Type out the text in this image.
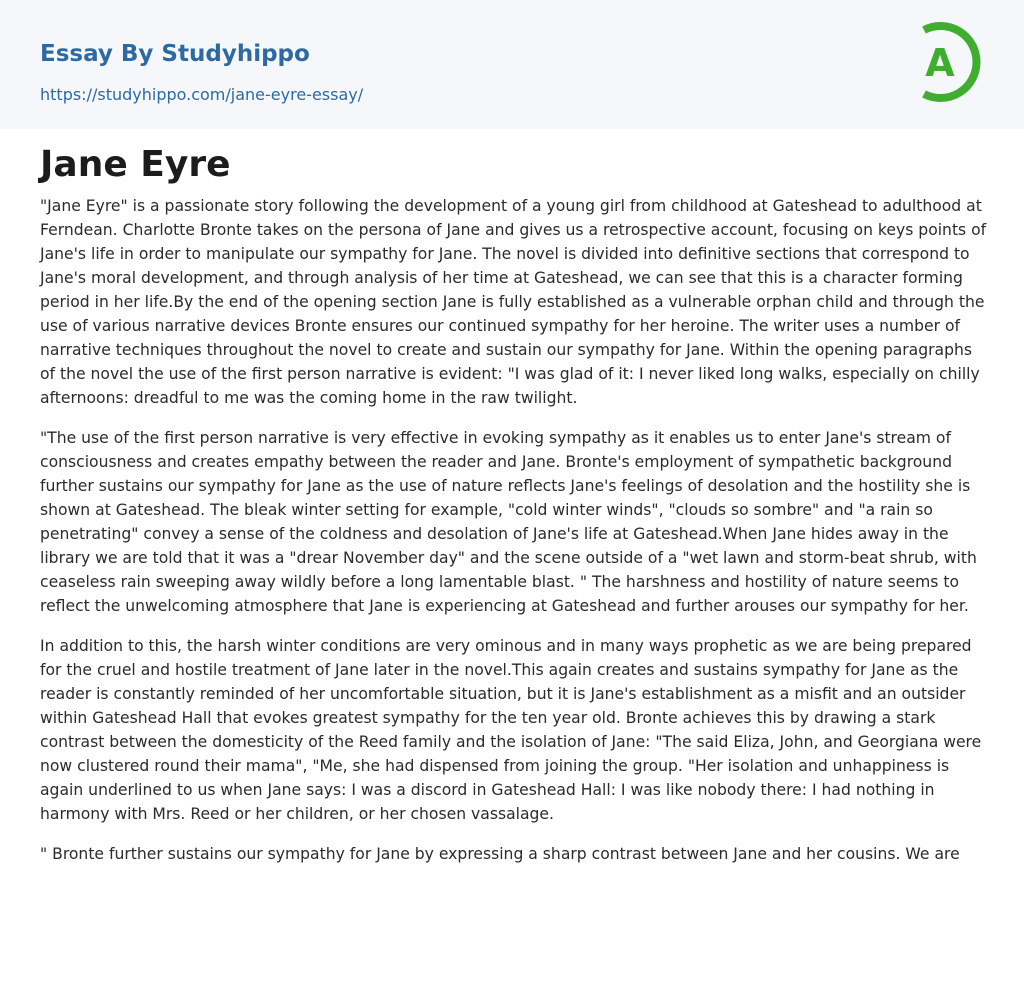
Essay By Studyhippo
https://studyhippo.com/jane-eyre-essay/
A
Jane Eyre

"Jane Eyre" is a passionate story following the development of a young girl from childhood at Gateshead to adulthood at Ferndean. Charlotte Bronte takes on the persona of Jane and gives us a retrospective account, focusing on keys points of Jane's life in order to manipulate our sympathy for Jane. The novel is divided into definitive sections that correspond to Jane's moral development, and through analysis of her time at Gateshead, we can see that this is a character forming period in her life.By the end of the opening section Jane is fully established as a vulnerable orphan child and through the use of various narrative devices Bronte ensures our continued sympathy for her heroine. The writer uses a number of narrative techniques throughout the novel to create and sustain our sympathy for Jane. Within the opening paragraphs of the novel the use of the first person narrative is evident: "I was glad of it: I never liked long walks, especially on chilly afternoons: dreadful to me was the coming home in the raw twilight.

"The use of the first person narrative is very effective in evoking sympathy as it enables us to enter Jane's stream of consciousness and creates empathy between the reader and Jane. Bronte's employment of sympathetic background further sustains our sympathy for Jane as the use of nature reflects Jane's feelings of desolation and the hostility she is shown at Gateshead. The bleak winter setting for example, "cold winter winds", "clouds so sombre" and "a rain so penetrating" convey a sense of the coldness and desolation of Jane's life at Gateshead.When Jane hides away in the library we are told that it was a "drear November day" and the scene outside of a "wet lawn and storm-beat shrub, with ceaseless rain sweeping away wildly before a long lamentable blast. " The harshness and hostility of nature seems to reflect the unwelcoming atmosphere that Jane is experiencing at Gateshead and further arouses our sympathy for her.

In addition to this, the harsh winter conditions are very ominous and in many ways prophetic as we are being prepared for the cruel and hostile treatment of Jane later in the novel.This again creates and sustains sympathy for Jane as the reader is constantly reminded of her uncomfortable situation, but it is Jane's establishment as a misfit and an outsider within Gateshead Hall that evokes greatest sympathy for the ten year old. Bronte achieves this by drawing a stark contrast between the domesticity of the Reed family and the isolation of Jane: "The said Eliza, John, and Georgiana were now clustered round their mama", "Me, she had dispensed from joining the group. "Her isolation and unhappiness is again underlined to us when Jane says: I was a discord in Gateshead Hall: I was like nobody there: I had nothing in harmony with Mrs. Reed or her children, or her chosen vassalage.

" Bronte further sustains our sympathy for Jane by expressing a sharp contrast between Jane and her cousins. We are
